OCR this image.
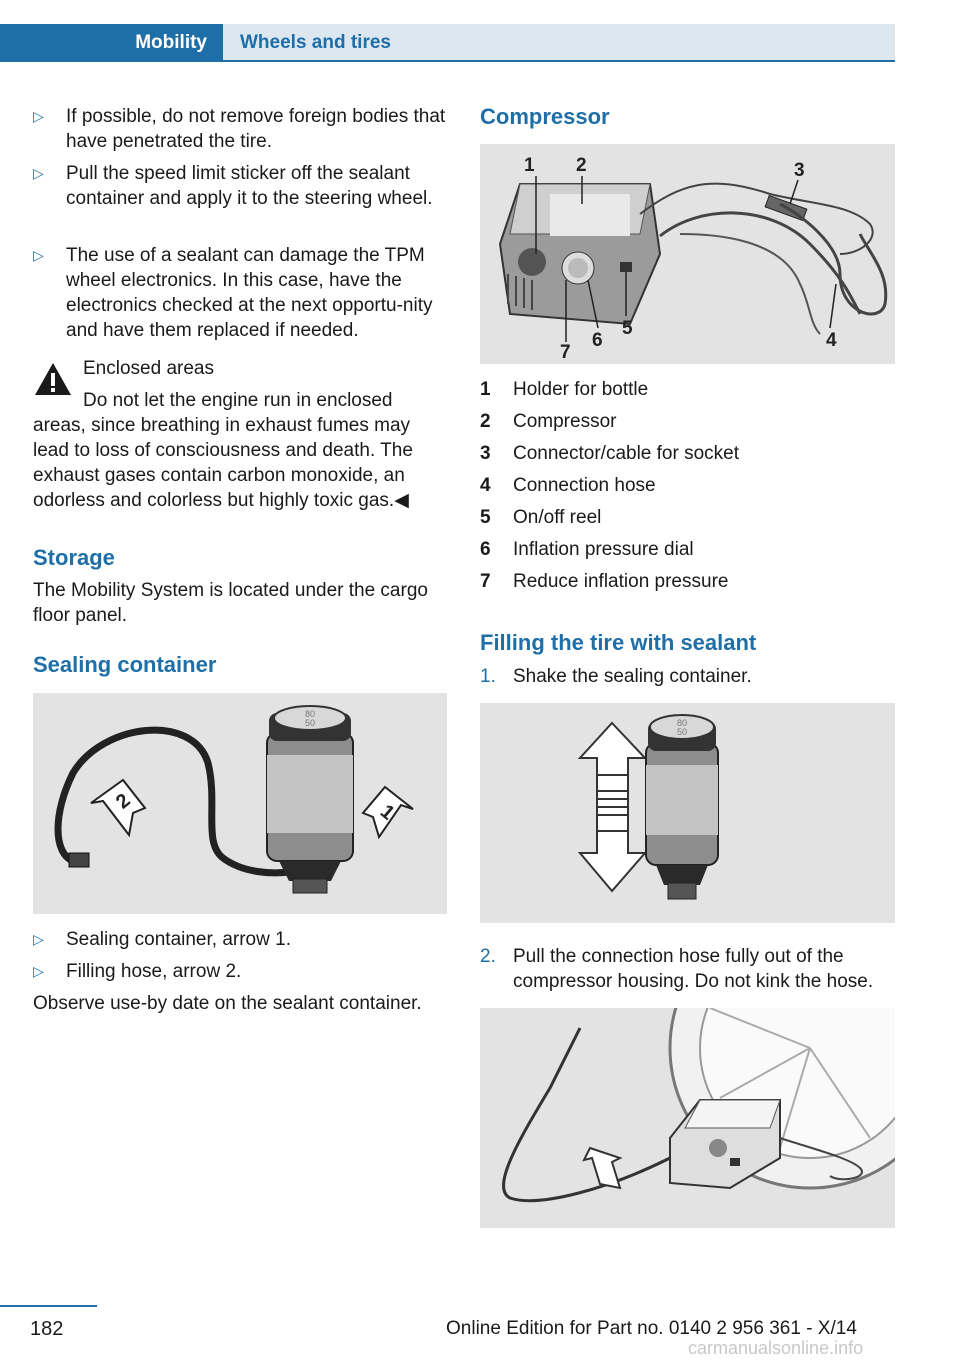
Mobility	Wheels and tires
▷ If possible, do not remove foreign bodies that have penetrated the tire.
▷ Pull the speed limit sticker off the sealant container and apply it to the steering wheel.
▷ The use of a sealant can damage the TPM wheel electronics. In this case, have the electronics checked at the next opportu-nity and have them replaced if needed.
Enclosed areas
Do not let the engine run in enclosed areas, since breathing in exhaust fumes may lead to loss of consciousness and death. The exhaust gases contain carbon monoxide, an odorless and colorless but highly toxic gas.◀
Storage
The Mobility System is located under the cargo floor panel.
Sealing container
80
50
2	1
▷ Sealing container, arrow 1.
▷ Filling hose, arrow 2.
Observe use-by date on the sealant container.
Compressor
1 2	3
4
5
6
7
1 Holder for bottle
2 Compressor
3 Connector/cable for socket
4 Connection hose
5 On/off reel
6 Inflation pressure dial
7 Reduce inflation pressure
Filling the tire with sealant
1. Shake the sealing container.
80
50
2. Pull the connection hose fully out of the compressor housing. Do not kink the hose.
182	Online Edition for Part no. 0140 2 956 361 - X/14
carmanualsonline.info
